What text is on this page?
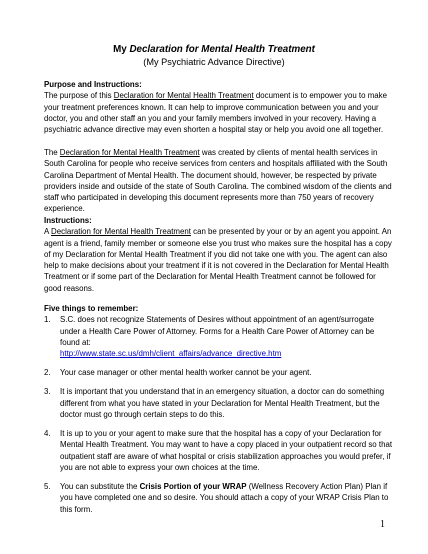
My Declaration for Mental Health Treatment
(My Psychiatric Advance Directive)
Purpose and Instructions:

The purpose of this Declaration for Mental Health Treatment document is to empower you to make your treatment preferences known. It can help to improve communication between you and your doctor, you and other staff an you and your family members involved in your recovery. Having a psychiatric advance directive may even shorten a hospital stay or help you avoid one all together.

The Declaration for Mental Health Treatment was created by clients of mental health services in South Carolina for people who receive services from centers and hospitals affiliated with the South Carolina Department of Mental Health. The document should, however, be respected by private providers inside and outside of the state of South Carolina. The combined wisdom of the clients and staff who participated in developing this document represents more than 750 years of recovery experience.

Instructions:

A Declaration for Mental Health Treatment can be presented by your or by an agent you appoint. An agent is a friend, family member or someone else you trust who makes sure the hospital has a copy of my Declaration for Mental Health Treatment if you did not take one with you. The agent can also help to make decisions about your treatment if it is not covered in the Declaration for Mental Health Treatment or if some part of the Declaration for Mental Health Treatment cannot be followed for good reasons.

Five things to remember:
1. S.C. does not recognize Statements of Desires without appointment of an agent/surrogate under a Health Care Power of Attorney. Forms for a Health Care Power of Attorney can be found at:
http://www.state.sc.us/dmh/client_affairs/advance_directive.htm
2. Your case manager or other mental health worker cannot be your agent.
3. It is important that you understand that in an emergency situation, a doctor can do something different from what you have stated in your Declaration for Mental Health Treatment, but the doctor must go through certain steps to do this.
4. It is up to you or your agent to make sure that the hospital has a copy of your Declaration for Mental Health Treatment. You may want to have a copy placed in your outpatient record so that outpatient staff are aware of what hospital or crisis stabilization approaches you would prefer, if you are not able to express your own choices at the time.
5. You can substitute the Crisis Portion of your WRAP (Wellness Recovery Action Plan) Plan if you have completed one and so desire. You should attach a copy of your WRAP Crisis Plan to this form.
1
